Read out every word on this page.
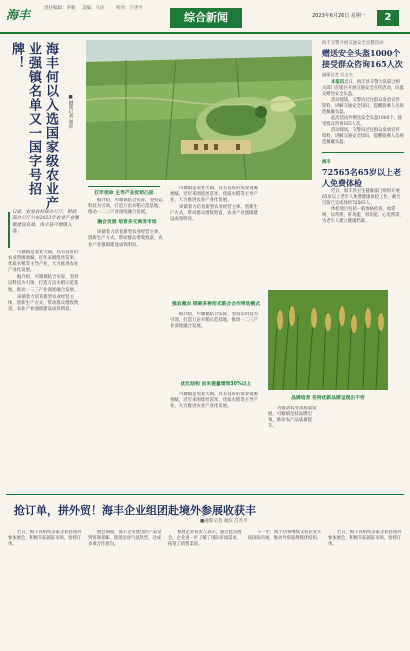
海丰	责任编辑：李新 美编：马达	校对：吕善平
综合新闻	2023年6月26日 星期一	2
海丰何以入选国家级农业产业强镇名单又一国字号招牌！
■融媒记者 谢滨
日前，农业农村部办公厅、财政部办公厅公布2023年农业产业强镇建设名单，海丰县可塘镇入选。
扛牢使命 主导产业优势凸显

可塘镇是农业大镇，具有良好的农业资源禀赋，近年来围绕丝苗米、优质水稻等主导产业，大力推进农业产业化发展。

据介绍，可塘镇结合实际，坚持以科技为引领，打造万亩水稻示范基地，推动一二三产业深度融合发展。

该镇着力培育新型农业经营主体，创新生产方式，带动群众增收致富，农业产业强镇建设成效明显。

据介绍，可塘镇结合实际，坚持以科技为引领，打造万亩水稻示范基地，推动一二三产业深度融合发展。

融合发展 培育多元商务市场

该镇着力培育新型农业经营主体，创新生产方式，带动群众增收致富，农业产业强镇建设成效明显。

可塘镇是农业大镇，具有良好的农业资源禀赋，近年来围绕丝苗米、优质水稻等主导产业，大力推进农业产业化发展。

该镇着力培育新型农业经营主体，创新生产方式，带动群众增收致富，农业产业强镇建设成效明显。

强农惠农 探索多种形式联合合作带动模式

据介绍，可塘镇结合实际，坚持以科技为引领，打造万亩水稻示范基地，推动一二三产业深度融合发展。

优化结构 亩米提量增效30%以上

可塘镇是农业大镇，具有良好的农业资源禀赋，近年来围绕丝苗米、优质水稻等主导产业，大力推进农业产业化发展。

品牌培育 名特优新品牌呈现出不穷

为推动农业高质量发展，可塘镇坚持品牌引领，推动农产品质量提升。

海丰交警开展交通安全宣教活动
赠送安全头盔1000个 接受群众咨询165人次
融媒记者 吴文杰

本报讯近日，海丰县交警大队联合相关部门在辖区开展交通安全宣传活动，向群众赠送安全头盔。

活动现场，交警向过往群众发放宣传资料，讲解交通安全知识，提醒骑乘人员规范佩戴头盔。

此次活动共赠送安全头盔1000个，接受群众咨询165人次。

活动现场，交警向过往群众发放宣传资料，讲解交通安全知识，提醒骑乘人员规范佩戴头盔。

海丰
72565名65岁以上老人免费体检

近日，海丰县卫生健康部门组织开展65岁以上老年人免费健康体检工作，截至目前已完成体检72565人。

体检项目包括一般体格检查、血常规、尿常规、肝功能、肾功能、心电图等，为老年人建立健康档案。

抢订单，拼外贸！海丰企业组团赴境外参展收获丰
■融媒记者 谢滨 吕善平

近日，海丰县组织多家企业赴境外参加展会，积极开拓国际市场，抢抓订单。

展会期间，海丰企业展出的产品受到客商青睐，现场洽谈气氛热烈，达成多项合作意向。

参展企业负责人表示，通过此次展会，企业进一步了解了国际市场需求，拓宽了销售渠道。

下一步，海丰县将继续支持企业开拓国际市场，推动外贸稳规模优结构。

近日，海丰县组织多家企业赴境外参加展会，积极开拓国际市场，抢抓订单。
